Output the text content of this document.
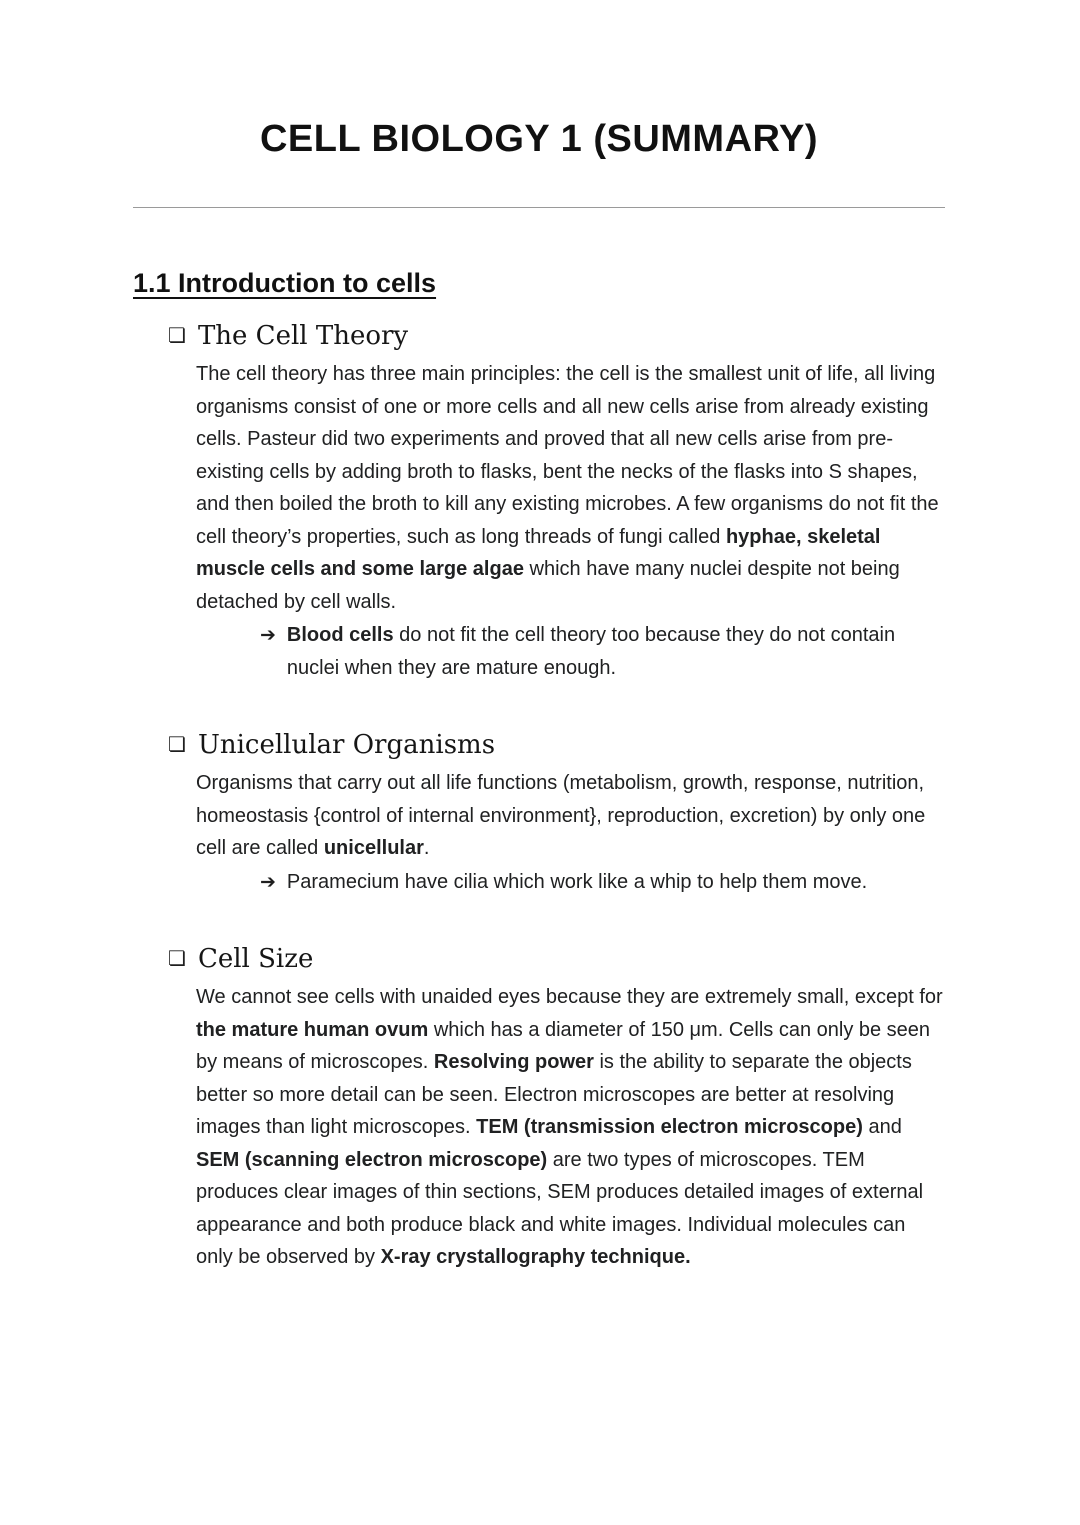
CELL BIOLOGY 1 (SUMMARY)
1.1 Introduction to cells
❏ The Cell Theory

The cell theory has three main principles: the cell is the smallest unit of life, all living organisms consist of one or more cells and all new cells arise from already existing cells. Pasteur did two experiments and proved that all new cells arise from pre-existing cells by adding broth to flasks, bent the necks of the flasks into S shapes, and then boiled the broth to kill any existing microbes. A few organisms do not fit the cell theory’s properties, such as long threads of fungi called hyphae, skeletal muscle cells and some large algae which have many nuclei despite not being detached by cell walls.

➔ Blood cells do not fit the cell theory too because they do not contain nuclei when they are mature enough.

❏ Unicellular Organisms

Organisms that carry out all life functions (metabolism, growth, response, nutrition, homeostasis {control of internal environment}, reproduction, excretion) by only one cell are called unicellular.

➔ Paramecium have cilia which work like a whip to help them move.

❏ Cell Size

We cannot see cells with unaided eyes because they are extremely small, except for the mature human ovum which has a diameter of 150 μm. Cells can only be seen by means of microscopes. Resolving power is the ability to separate the objects better so more detail can be seen. Electron microscopes are better at resolving images than light microscopes. TEM (transmission electron microscope) and SEM (scanning electron microscope) are two types of microscopes. TEM produces clear images of thin sections, SEM produces detailed images of external appearance and both produce black and white images. Individual molecules can only be observed by X-ray crystallography technique.
